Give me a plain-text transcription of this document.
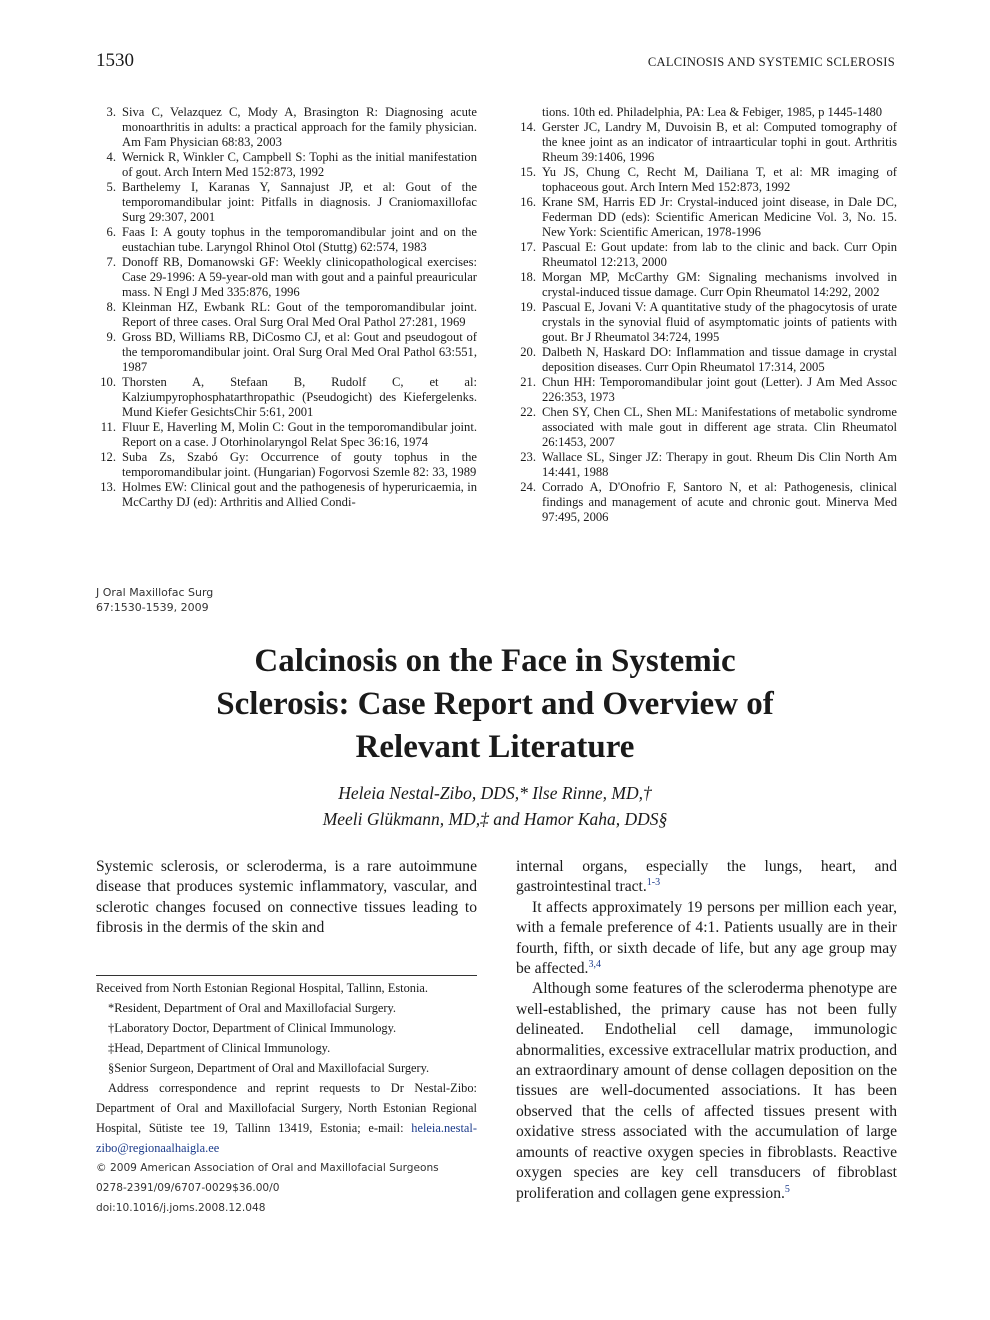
1530	CALCINOSIS AND SYSTEMIC SCLEROSIS
3. Siva C, Velazquez C, Mody A, Brasington R: Diagnosing acute monoarthritis in adults: a practical approach for the family physician. Am Fam Physician 68:83, 2003
4. Wernick R, Winkler C, Campbell S: Tophi as the initial manifestation of gout. Arch Intern Med 152:873, 1992
5. Barthelemy I, Karanas Y, Sannajust JP, et al: Gout of the temporomandibular joint: Pitfalls in diagnosis. J Craniomaxillofac Surg 29:307, 2001
6. Faas I: A gouty tophus in the temporomandibular joint and on the eustachian tube. Laryngol Rhinol Otol (Stuttg) 62:574, 1983
7. Donoff RB, Domanowski GF: Weekly clinicopathological exercises: Case 29-1996: A 59-year-old man with gout and a painful preauricular mass. N Engl J Med 335:876, 1996
8. Kleinman HZ, Ewbank RL: Gout of the temporomandibular joint. Report of three cases. Oral Surg Oral Med Oral Pathol 27:281, 1969
9. Gross BD, Williams RB, DiCosmo CJ, et al: Gout and pseudogout of the temporomandibular joint. Oral Surg Oral Med Oral Pathol 63:551, 1987
10. Thorsten A, Stefaan B, Rudolf C, et al: Kalziumpyrophosphatarthropathic (Pseudogicht) des Kiefergelenks. Mund Kiefer GesichtsChir 5:61, 2001
11. Fluur E, Haverling M, Molin C: Gout in the temporomandibular joint. Report on a case. J Otorhinolaryngol Relat Spec 36:16, 1974
12. Suba Zs, Szabó Gy: Occurrence of gouty tophus in the temporomandibular joint. (Hungarian) Fogorvosi Szemle 82: 33, 1989
13. Holmes EW: Clinical gout and the pathogenesis of hyperuricaemia, in McCarthy DJ (ed): Arthritis and Allied Condi-
tions. 10th ed. Philadelphia, PA: Lea & Febiger, 1985, p 1445-1480
14. Gerster JC, Landry M, Duvoisin B, et al: Computed tomography of the knee joint as an indicator of intraarticular tophi in gout. Arthritis Rheum 39:1406, 1996
15. Yu JS, Chung C, Recht M, Dailiana T, et al: MR imaging of tophaceous gout. Arch Intern Med 152:873, 1992
16. Krane SM, Harris ED Jr: Crystal-induced joint disease, in Dale DC, Federman DD (eds): Scientific American Medicine Vol. 3, No. 15. New York: Scientific American, 1978-1996
17. Pascual E: Gout update: from lab to the clinic and back. Curr Opin Rheumatol 12:213, 2000
18. Morgan MP, McCarthy GM: Signaling mechanisms involved in crystal-induced tissue damage. Curr Opin Rheumatol 14:292, 2002
19. Pascual E, Jovani V: A quantitative study of the phagocytosis of urate crystals in the synovial fluid of asymptomatic joints of patients with gout. Br J Rheumatol 34:724, 1995
20. Dalbeth N, Haskard DO: Inflammation and tissue damage in crystal deposition diseases. Curr Opin Rheumatol 17:314, 2005
21. Chun HH: Temporomandibular joint gout (Letter). J Am Med Assoc 226:353, 1973
22. Chen SY, Chen CL, Shen ML: Manifestations of metabolic syndrome associated with male gout in different age strata. Clin Rheumatol 26:1453, 2007
23. Wallace SL, Singer JZ: Therapy in gout. Rheum Dis Clin North Am 14:441, 1988
24. Corrado A, D'Onofrio F, Santoro N, et al: Pathogenesis, clinical findings and management of acute and chronic gout. Minerva Med 97:495, 2006
J Oral Maxillofac Surg
67:1530-1539, 2009
Calcinosis on the Face in Systemic
Sclerosis: Case Report and Overview of
Relevant Literature
Heleia Nestal-Zibo, DDS,* Ilse Rinne, MD,†
Meeli Glükmann, MD,‡ and Hamor Kaha, DDS§
Systemic sclerosis, or scleroderma, is a rare autoimmune disease that produces systemic inflammatory, vascular, and sclerotic changes focused on connective tissues leading to fibrosis in the dermis of the skin and
Received from North Estonian Regional Hospital, Tallinn, Estonia.
*Resident, Department of Oral and Maxillofacial Surgery.
†Laboratory Doctor, Department of Clinical Immunology.
‡Head, Department of Clinical Immunology.
§Senior Surgeon, Department of Oral and Maxillofacial Surgery.
Address correspondence and reprint requests to Dr Nestal-Zibo: Department of Oral and Maxillofacial Surgery, North Estonian Regional Hospital, Sütiste tee 19, Tallinn 13419, Estonia; e-mail: heleia.nestal-zibo@regionaalhaigla.ee
© 2009 American Association of Oral and Maxillofacial Surgeons
0278-2391/09/6707-0029$36.00/0
doi:10.1016/j.joms.2008.12.048

internal organs, especially the lungs, heart, and gastrointestinal tract.$^{1-3}$

It affects approximately 19 persons per million each year, with a female preference of 4:1. Patients usually are in their fourth, fifth, or sixth decade of life, but any age group may be affected.$^{3,4}$

Although some features of the scleroderma phenotype are well-established, the primary cause has not been fully delineated. Endothelial cell damage, immunologic abnormalities, excessive extracellular matrix production, and an extraordinary amount of dense collagen deposition on the tissues are well-documented associations. It has been observed that the cells of affected tissues present with oxidative stress associated with the accumulation of large amounts of reactive oxygen species in fibroblasts. Reactive oxygen species are key cell transducers of fibroblast proliferation and collagen gene expression.$^5$
